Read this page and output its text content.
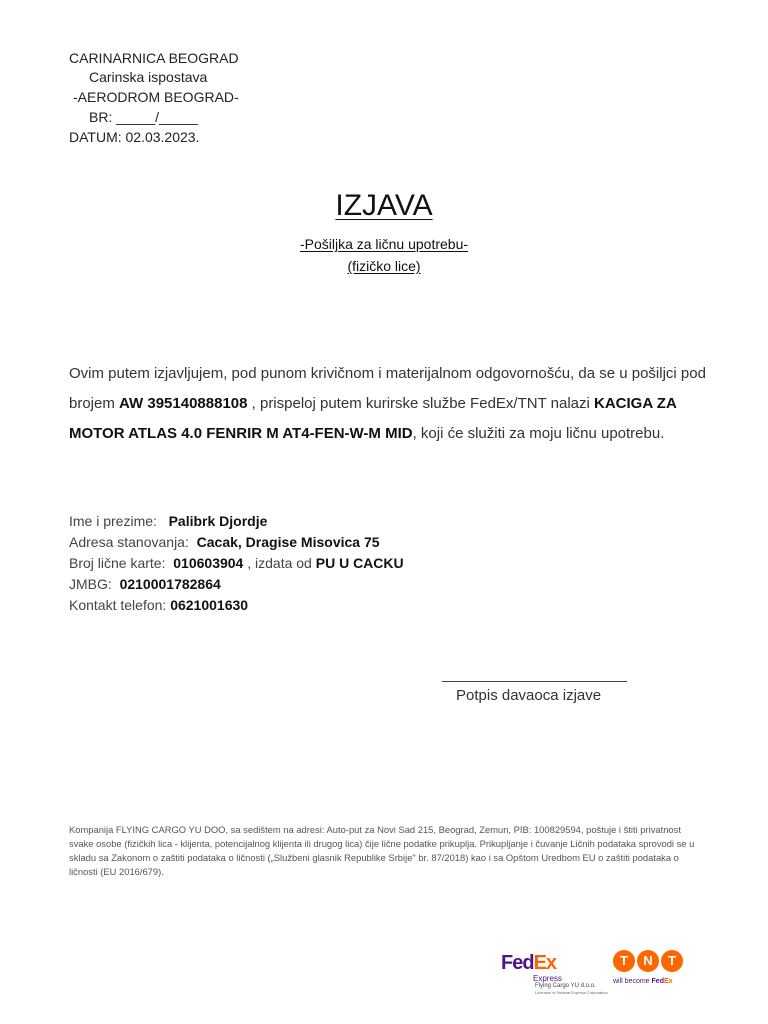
CARINARNICA BEOGRAD
Carinska ispostava
-AERODROM BEOGRAD-
BR: _____/_____
DATUM: 02.03.2023.
IZJAVA
-Pošiljka za ličnu upotrebu-
(fizičko lice)
Ovim putem izjavljujem, pod punom krivičnom i materijalnom odgovornošću, da se u pošiljci pod brojem AW 395140888108 , prispeloj putem kurirske službe FedEx/TNT nalazi KACIGA ZA MOTOR ATLAS 4.0 FENRIR M AT4-FEN-W-M MID, koji će služiti za moju ličnu upotrebu.
Ime i prezime: Palibrk Djordje
Adresa stanovanja: Cacak, Dragise Misovica 75
Broj lične karte: 010603904 , izdata od PU U CACKU
JMBG: 0210001782864
Kontakt telefon: 0621001630
Potpis davaoca izjave
Kompanija FLYING CARGO YU DOO, sa sedištem na adresi: Auto-put za Novi Sad 215, Beograd, Zemun, PIB: 100829594, poštuje i štiti privatnost svake osobe (fizičkih lica - klijenta, potencijalnog klijenta ili drugog lica) čije lične podatke prikuplja. Prikupljanje i čuvanje Ličnih podataka sprovodi se u skladu sa Zakonom o zaštiti podataka o ličnosti („Službeni glasnik Republike Srbije" br. 87/2018) kao i sa Opštom Uredbom EU o zaštiti podataka o ličnosti (EU 2016/679).
FedEx
Express
Flying Cargo YU d.o.o.
Licensee of Federal Express Corporation
T	N	T
will become FedEx
